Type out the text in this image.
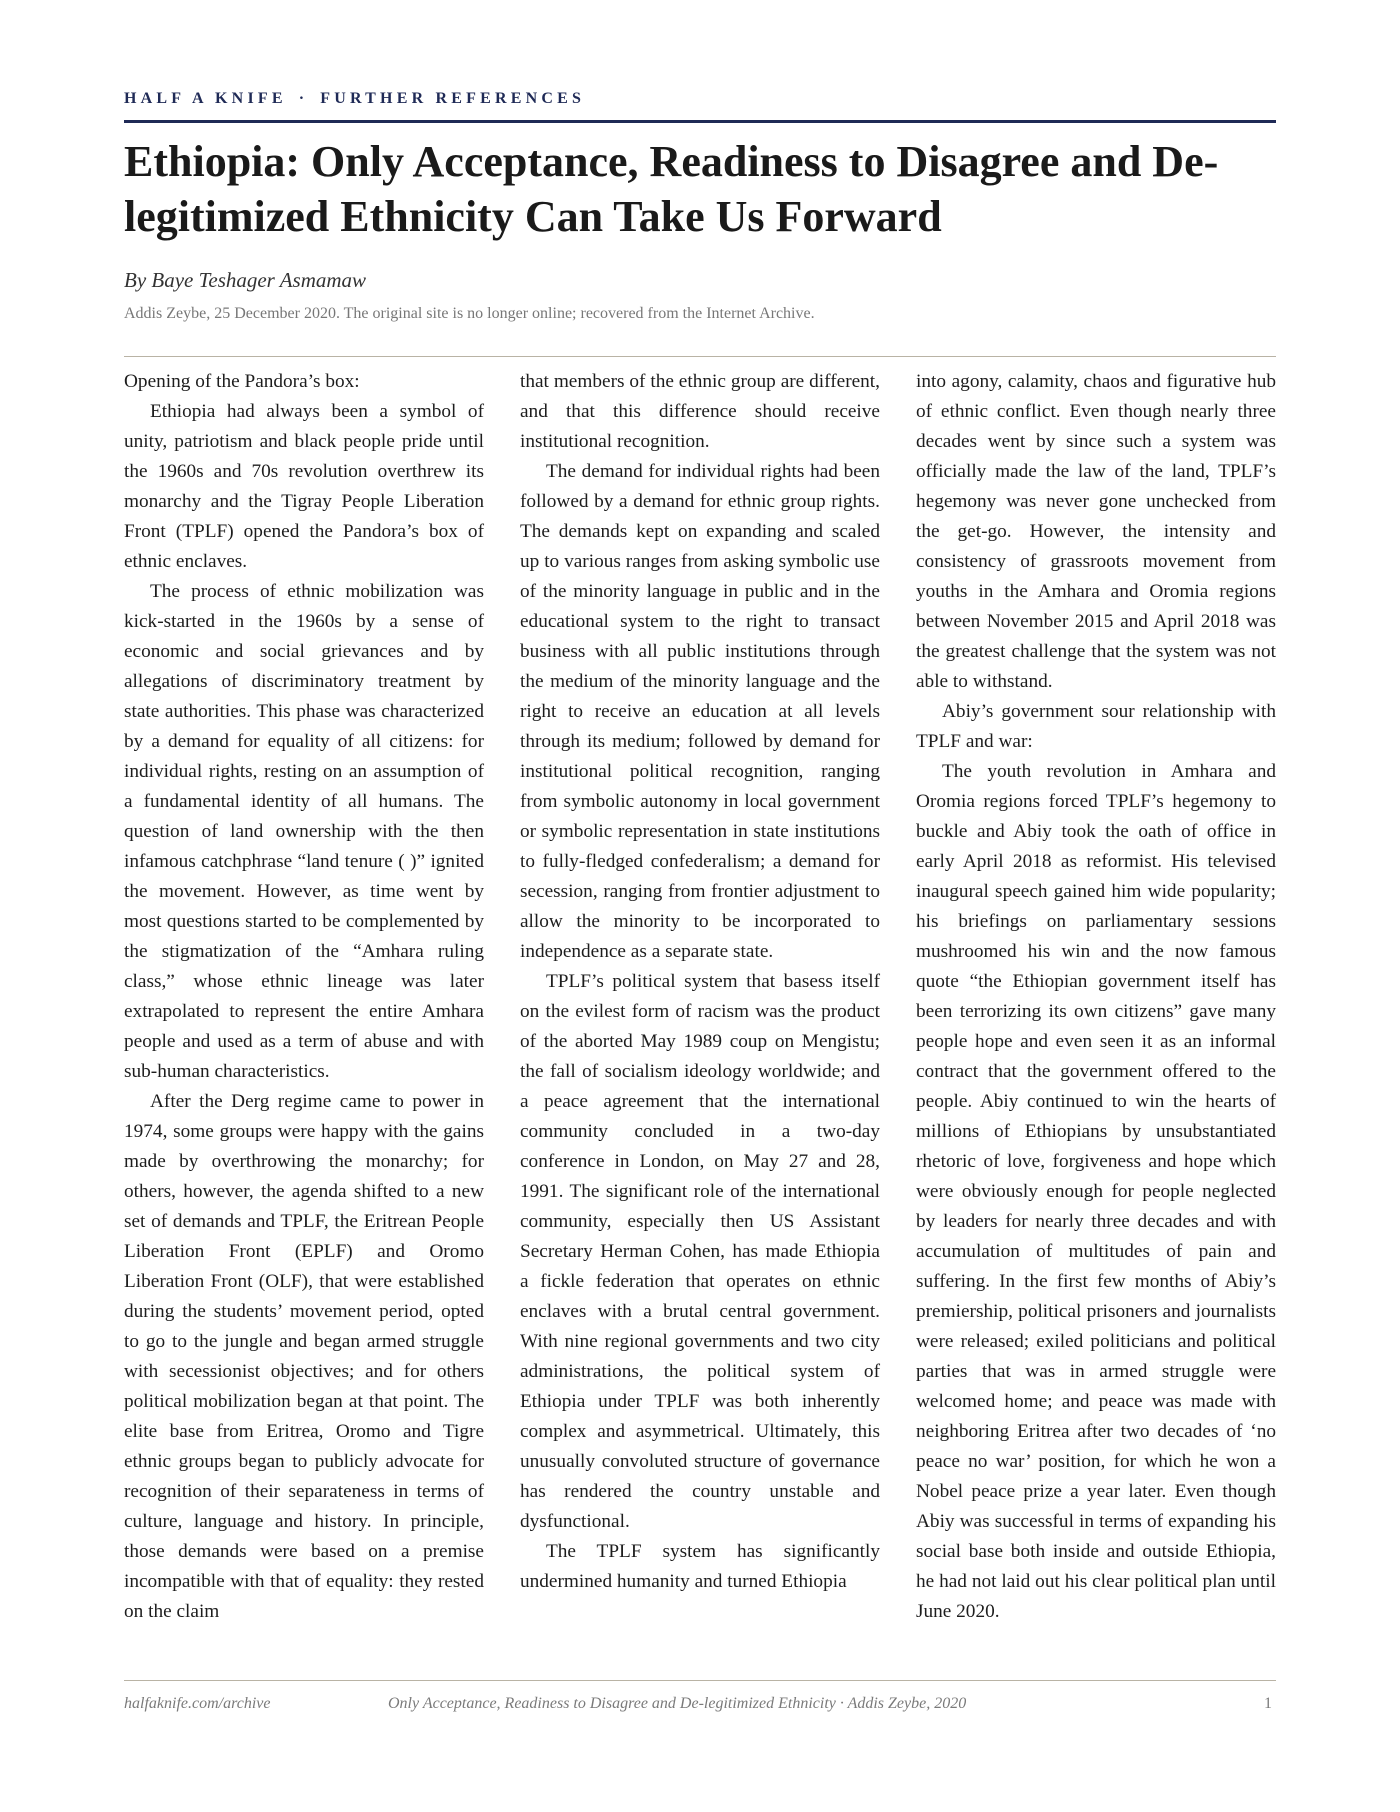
HALF A KNIFE · FURTHER REFERENCES
Ethiopia: Only Acceptance, Readiness to Disagree and De-legitimized Ethnicity Can Take Us Forward
By Baye Teshager Asmamaw
Addis Zeybe, 25 December 2020. The original site is no longer online; recovered from the Internet Archive.

Opening of the Pandora’s box:

Ethiopia had always been a symbol of unity, patriotism and black people pride until the 1960s and 70s revolution overthrew its monarchy and the Tigray People Liberation Front (TPLF) opened the Pandora’s box of ethnic enclaves.

The process of ethnic mobilization was kick-started in the 1960s by a sense of economic and social grievances and by allegations of discriminatory treatment by state authorities. This phase was characterized by a demand for equality of all citizens: for individual rights, resting on an assumption of a fundamental identity of all humans. The question of land ownership with the then infamous catchphrase “land tenure ( )” ignited the movement. However, as time went by most questions started to be complemented by the stigmatization of the “Amhara ruling class,” whose ethnic lineage was later extrapolated to represent the entire Amhara people and used as a term of abuse and with sub-human characteristics.

After the Derg regime came to power in 1974, some groups were happy with the gains made by overthrowing the monarchy; for others, however, the agenda shifted to a new set of demands and TPLF, the Eritrean People Liberation Front (EPLF) and Oromo Liberation Front (OLF), that were established during the students’ movement period, opted to go to the jungle and began armed struggle with secessionist objectives; and for others political mobilization began at that point. The elite base from Eritrea, Oromo and Tigre ethnic groups began to publicly advocate for recognition of their separateness in terms of culture, language and history. In principle, those demands were based on a premise incompatible with that of equality: they rested on the claim

that members of the ethnic group are different, and that this difference should receive institutional recognition.

The demand for individual rights had been followed by a demand for ethnic group rights. The demands kept on expanding and scaled up to various ranges from asking symbolic use of the minority language in public and in the educational system to the right to transact business with all public institutions through the medium of the minority language and the right to receive an education at all levels through its medium; followed by demand for institutional political recognition, ranging from symbolic autonomy in local government or symbolic representation in state institutions to fully-fledged confederalism; a demand for secession, ranging from frontier adjustment to allow the minority to be incorporated to independence as a separate state.

TPLF’s political system that basess itself on the evilest form of racism was the product of the aborted May 1989 coup on Mengistu; the fall of socialism ideology worldwide; and a peace agreement that the international community concluded in a two-day conference in London, on May 27 and 28, 1991. The significant role of the international community, especially then US Assistant Secretary Herman Cohen, has made Ethiopia a fickle federation that operates on ethnic enclaves with a brutal central government. With nine regional governments and two city administrations, the political system of Ethiopia under TPLF was both inherently complex and asymmetrical. Ultimately, this unusually convoluted structure of governance has rendered the country unstable and dysfunctional.

The TPLF system has significantly undermined humanity and turned Ethiopia

into agony, calamity, chaos and figurative hub of ethnic conflict. Even though nearly three decades went by since such a system was officially made the law of the land, TPLF’s hegemony was never gone unchecked from the get-go. However, the intensity and consistency of grassroots movement from youths in the Amhara and Oromia regions between November 2015 and April 2018 was the greatest challenge that the system was not able to withstand.

Abiy’s government sour relationship with TPLF and war:

The youth revolution in Amhara and Oromia regions forced TPLF’s hegemony to buckle and Abiy took the oath of office in early April 2018 as reformist. His televised inaugural speech gained him wide popularity; his briefings on parliamentary sessions mushroomed his win and the now famous quote “the Ethiopian government itself has been terrorizing its own citizens” gave many people hope and even seen it as an informal contract that the government offered to the people. Abiy continued to win the hearts of millions of Ethiopians by unsubstantiated rhetoric of love, forgiveness and hope which were obviously enough for people neglected by leaders for nearly three decades and with accumulation of multitudes of pain and suffering. In the first few months of Abiy’s premiership, political prisoners and journalists were released; exiled politicians and political parties that was in armed struggle were welcomed home; and peace was made with neighboring Eritrea after two decades of ‘no peace no war’ position, for which he won a Nobel peace prize a year later. Even though Abiy was successful in terms of expanding his social base both inside and outside Ethiopia, he had not laid out his clear political plan until June 2020.

halfaknife.com/archive	Only Acceptance, Readiness to Disagree and De-legitimized Ethnicity · Addis Zeybe, 2020	1
